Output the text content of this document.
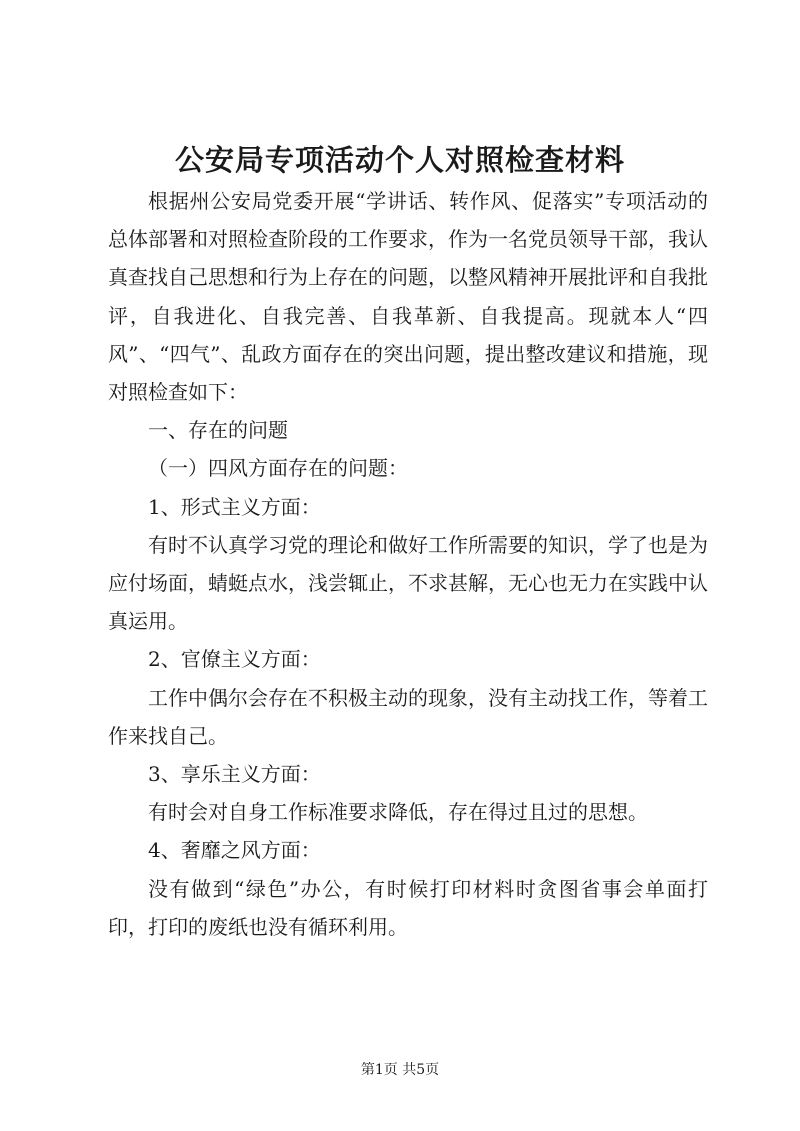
公安局专项活动个人对照检查材料

根据州公安局党委开展“学讲话、转作风、促落实”专项活动的总体部署和对照检查阶段的工作要求，作为一名党员领导干部，我认真查找自己思想和行为上存在的问题，以整风精神开展批评和自我批评，自我进化、自我完善、自我革新、自我提高。现就本人“四风”、“四气”、乱政方面存在的突出问题，提出整改建议和措施，现对照检查如下：

一、存在的问题

（一）四风方面存在的问题：

1、形式主义方面：

有时不认真学习党的理论和做好工作所需要的知识，学了也是为应付场面，蜻蜓点水，浅尝辄止，不求甚解，无心也无力在实践中认真运用。

2、官僚主义方面：

工作中偶尔会存在不积极主动的现象，没有主动找工作，等着工作来找自己。

3、享乐主义方面：

有时会对自身工作标准要求降低，存在得过且过的思想。

4、奢靡之风方面：

没有做到“绿色”办公，有时候打印材料时贪图省事会单面打印，打印的废纸也没有循环利用。

第1页 共5页
